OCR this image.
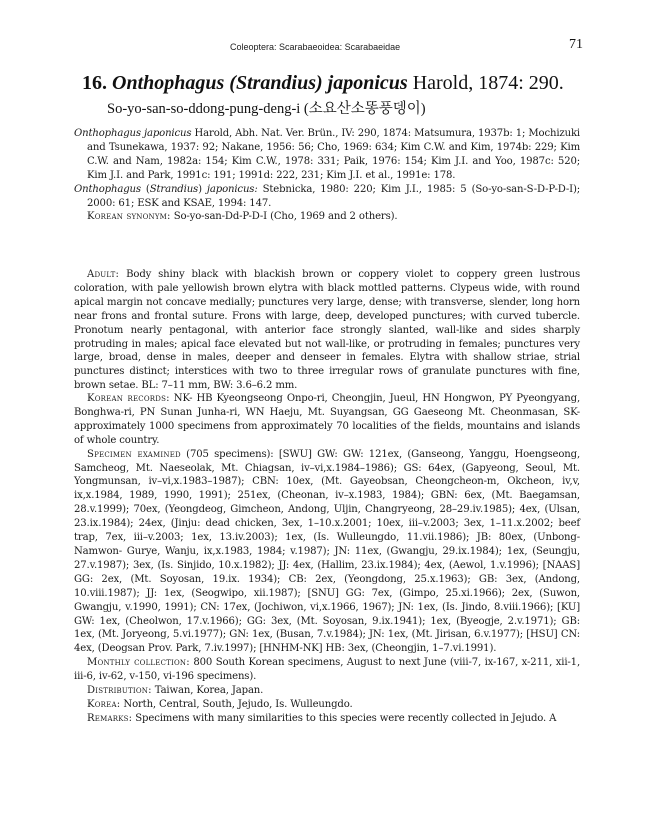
Coleoptera: Scarabaeoidea: Scarabaeidae	71
16. Onthophagus (Strandius) japonicus Harold, 1874: 290.
So-yo-san-so-ddong-pung-deng-i (소요산소똥풍뎅이)

Onthophagus japonicus Harold, Abh. Nat. Ver. Brün., IV: 290, 1874: Matsumura, 1937b: 1; Mochizuki and Tsunekawa, 1937: 92; Nakane, 1956: 56; Cho, 1969: 634; Kim C.W. and Kim, 1974b: 229; Kim C.W. and Nam, 1982a: 154; Kim C.W., 1978: 331; Paik, 1976: 154; Kim J.I. and Yoo, 1987c: 520; Kim J.I. and Park, 1991c: 191; 1991d: 222, 231; Kim J.I. et al., 1991e: 178.

Onthophagus (Strandius) japonicus: Stebnicka, 1980: 220; Kim J.I., 1985: 5 (So-yo-san-S-D-P-D-I); 2000: 61; ESK and KSAE, 1994: 147.

Korean synonym: So-yo-san-Dd-P-D-I (Cho, 1969 and 2 others).

Adult: Body shiny black with blackish brown or coppery violet to coppery green lustrous coloration, with pale yellowish brown elytra with black mottled patterns. Clypeus wide, with round apical margin not concave medially; punctures very large, dense; with transverse, slender, long horn near frons and frontal suture. Frons with large, deep, developed punctures; with curved tubercle. Pronotum nearly pentagonal, with anterior face strongly slanted, wall-like and sides sharply protruding in males; apical face elevated but not wall-like, or protruding in females; punctures very large, broad, dense in males, deeper and denseer in females. Elytra with shallow striae, strial punctures distinct; interstices with two to three irregular rows of granulate punctures with fine, brown setae. BL: 7–11 mm, BW: 3.6–6.2 mm.

Korean records: NK- HB Kyeongseong Onpo-ri, Cheongjin, Jueul, HN Hongwon, PY Pyeongyang, Bonghwa-ri, PN Sunan Junha-ri, WN Haeju, Mt. Suyangsan, GG Gaeseong Mt. Cheonmasan, SK- approximately 1000 specimens from approximately 70 localities of the fields, mountains and islands of whole country.

Specimen examined (705 specimens): [SWU] GW: GW: 121ex, (Ganseong, Yanggu, Hoengseong, Samcheog, Mt. Naeseolak, Mt. Chiagsan, iv–vi,x.1984–1986); GS: 64ex, (Gapyeong, Seoul, Mt. Yongmunsan, iv–vi,x.1983–1987); CBN: 10ex, (Mt. Gayeobsan, Cheongcheon-m, Okcheon, iv,v, ix,x.1984, 1989, 1990, 1991); 251ex, (Cheonan, iv–x.1983, 1984); GBN: 6ex, (Mt. Baegamsan, 28.v.1999); 70ex, (Yeongdeog, Gimcheon, Andong, Uljin, Changryeong, 28–29.iv.1985); 4ex, (Ulsan, 23.ix.1984); 24ex, (Jinju: dead chicken, 3ex, 1–10.x.2001; 10ex, iii–v.2003; 3ex, 1–11.x.2002; beef trap, 7ex, iii–v.2003; 1ex, 13.iv.2003); 1ex, (Is. Wulleungdo, 11.vii.1986); JB: 80ex, (Unbong- Namwon- Gurye, Wanju, ix,x.1983, 1984; v.1987); JN: 11ex, (Gwangju, 29.ix.1984); 1ex, (Seungju, 27.v.1987); 3ex, (Is. Sinjido, 10.x.1982); JJ: 4ex, (Hallim, 23.ix.1984); 4ex, (Aewol, 1.v.1996); [NAAS] GG: 2ex, (Mt. Soyosan, 19.ix. 1934); CB: 2ex, (Yeongdong, 25.x.1963); GB: 3ex, (Andong, 10.viii.1987); JJ: 1ex, (Seogwipo, xii.1987); [SNU] GG: 7ex, (Gimpo, 25.xi.1966); 2ex, (Suwon, Gwangju, v.1990, 1991); CN: 17ex, (Jochiwon, vi,x.1966, 1967); JN: 1ex, (Is. Jindo, 8.viii.1966); [KU] GW: 1ex, (Cheolwon, 17.v.1966); GG: 3ex, (Mt. Soyosan, 9.ix.1941); 1ex, (Byeogje, 2.v.1971); GB: 1ex, (Mt. Joryeong, 5.vi.1977); GN: 1ex, (Busan, 7.v.1984); JN: 1ex, (Mt. Jirisan, 6.v.1977); [HSU] CN: 4ex, (Deogsan Prov. Park, 7.iv.1997); [HNHM-NK] HB: 3ex, (Cheongjin, 1–7.vi.1991).

Monthly collection: 800 South Korean specimens, August to next June (viii-7, ix-167, x-211, xii-1, iii-6, iv-62, v-150, vi-196 specimens).

Distribution: Taiwan, Korea, Japan.

Korea: North, Central, South, Jejudo, Is. Wulleungdo.

Remarks: Specimens with many similarities to this species were recently collected in Jejudo. A
